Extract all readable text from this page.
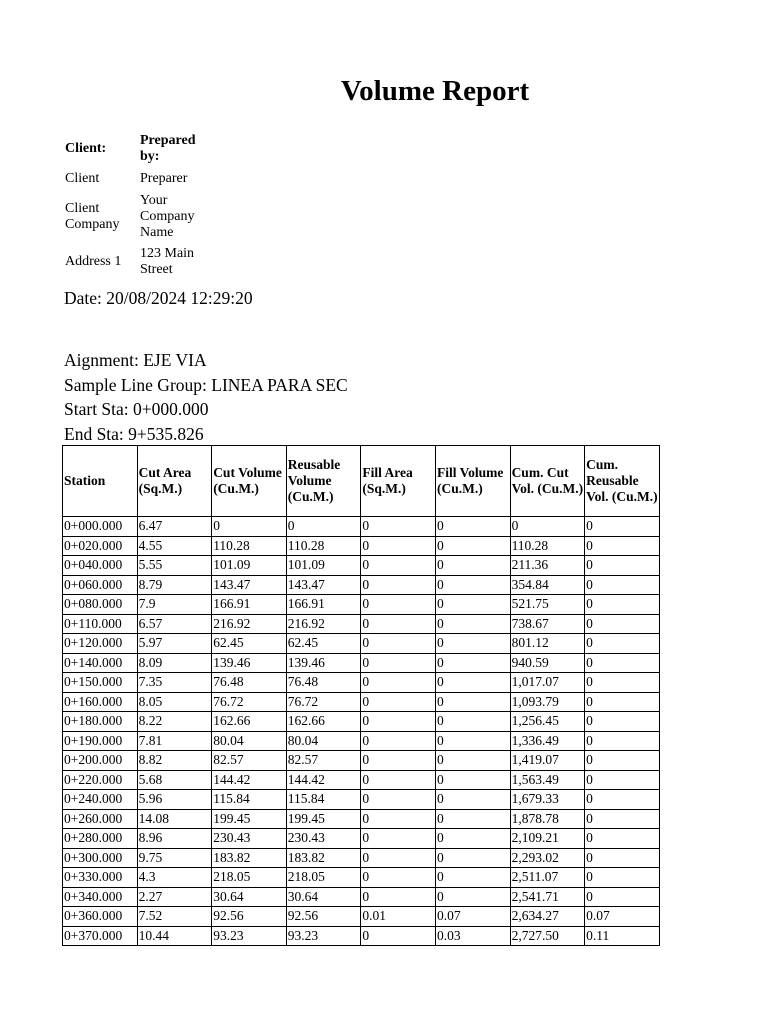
Volume Report
Client:	Prepared by:
Client	Preparer
Client Company	Your Company Name
Address 1	123 Main Street
Date: 20/08/2024 12:29:20
Aignment: EJE VIA
Sample Line Group: LINEA PARA SEC
Start Sta: 0+000.000
End Sta: 9+535.826
Station	Cut Area (Sq.M.)	Cut Volume (Cu.M.)	Reusable Volume (Cu.M.)	Fill Area (Sq.M.)	Fill Volume (Cu.M.)	Cum. Cut Vol. (Cu.M.)	Cum. Reusable Vol. (Cu.M.)
0+000.000	6.47	0	0	0	0	0	0
0+020.000	4.55	110.28	110.28	0	0	110.28	0
0+040.000	5.55	101.09	101.09	0	0	211.36	0
0+060.000	8.79	143.47	143.47	0	0	354.84	0
0+080.000	7.9	166.91	166.91	0	0	521.75	0
0+110.000	6.57	216.92	216.92	0	0	738.67	0
0+120.000	5.97	62.45	62.45	0	0	801.12	0
0+140.000	8.09	139.46	139.46	0	0	940.59	0
0+150.000	7.35	76.48	76.48	0	0	1,017.07	0
0+160.000	8.05	76.72	76.72	0	0	1,093.79	0
0+180.000	8.22	162.66	162.66	0	0	1,256.45	0
0+190.000	7.81	80.04	80.04	0	0	1,336.49	0
0+200.000	8.82	82.57	82.57	0	0	1,419.07	0
0+220.000	5.68	144.42	144.42	0	0	1,563.49	0
0+240.000	5.96	115.84	115.84	0	0	1,679.33	0
0+260.000	14.08	199.45	199.45	0	0	1,878.78	0
0+280.000	8.96	230.43	230.43	0	0	2,109.21	0
0+300.000	9.75	183.82	183.82	0	0	2,293.02	0
0+330.000	4.3	218.05	218.05	0	0	2,511.07	0
0+340.000	2.27	30.64	30.64	0	0	2,541.71	0
0+360.000	7.52	92.56	92.56	0.01	0.07	2,634.27	0.07
0+370.000	10.44	93.23	93.23	0	0.03	2,727.50	0.11
